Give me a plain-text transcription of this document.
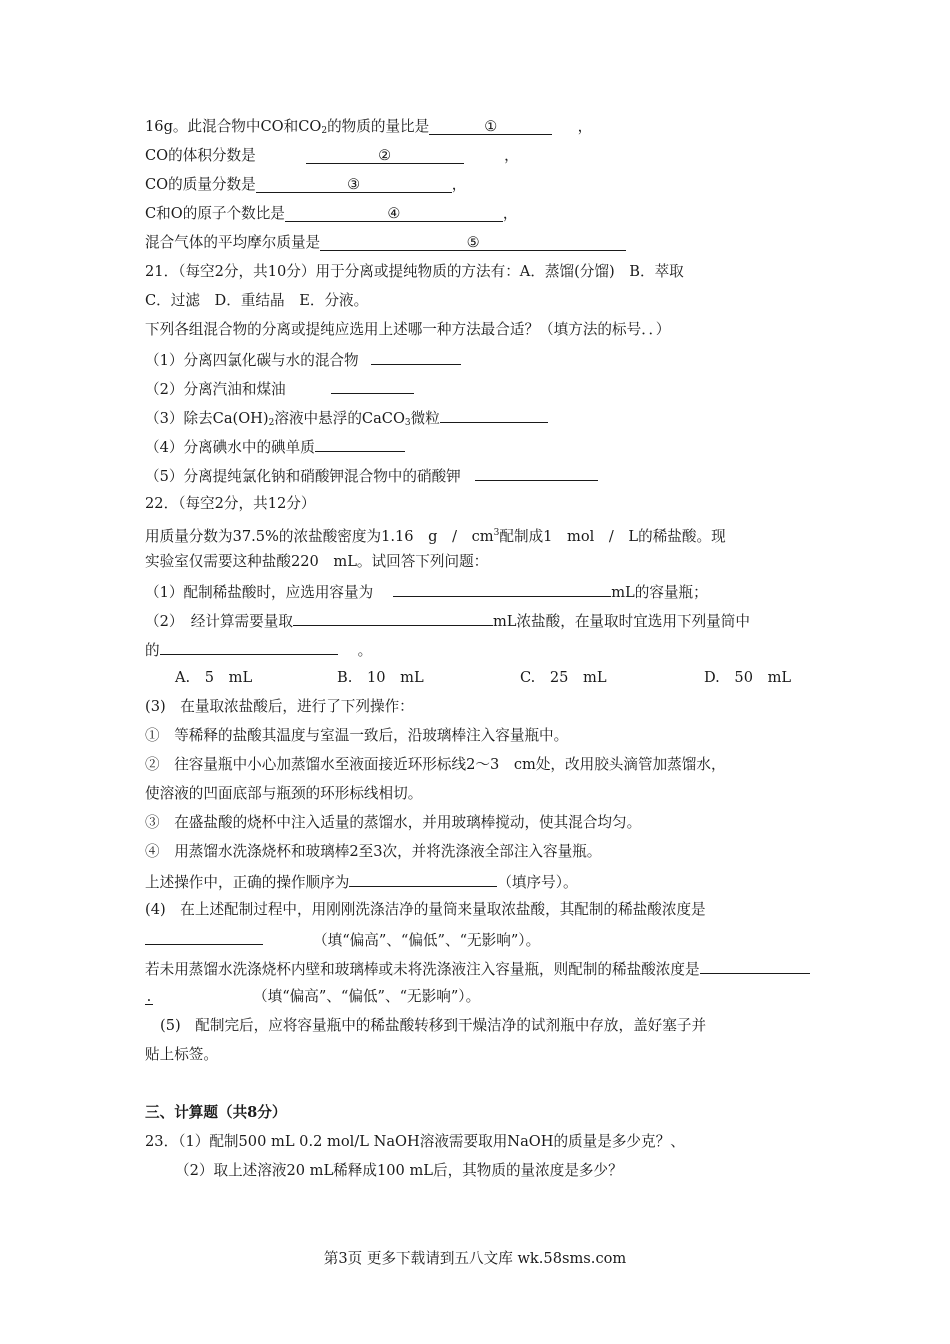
16g。此混合物中CO和$CO_2$的物质的量比是	①	，
CO的体积分数是	②	，
CO的质量分数是	③	，
C和O的原子个数比是	④	，
混合气体的平均摩尔质量是	⑤
21．（每空2分，共10分）用于分离或提纯物质的方法有：A．蒸馏(分馏)　B．萃取
C．过滤　D．重结晶　E．分液。
下列各组混合物的分离或提纯应选用上述哪一种方法最合适？（填方法的标号．．）
（1）分离四氯化碳与水的混合物
（2）分离汽油和煤油
（3）除去$Ca(OH)_2$溶液中悬浮的CaCO$_3$微粒
（4）分离碘水中的碘单质
（5）分离提纯氯化钠和硝酸钾混合物中的硝酸钾
22．（每空2分，共12分）
用质量分数为37.5%的浓盐酸密度为1.16　g　/　$cm^3$配制成1　mol　/　L的稀盐酸。现
实验室仅需要这种盐酸220　mL。试回答下列问题：
（1）配制稀盐酸时，应选用容量为	mL的容量瓶；
（2）　经计算需要量取	mL浓盐酸，在量取时宜选用下列量筒中
的	。
A.　5　mL	B.　10　mL	C.　25　mL	D.　50　mL
(3)　在量取浓盐酸后，进行了下列操作：
①　等稀释的盐酸其温度与室温一致后，沿玻璃棒注入容量瓶中。
②　往容量瓶中小心加蒸馏水至液面接近环形标线2～3　cm处，改用胶头滴管加蒸馏水，
使溶液的凹面底部与瓶颈的环形标线相切。
③　在盛盐酸的烧杯中注入适量的蒸馏水，并用玻璃棒搅动，使其混合均匀。
④　用蒸馏水洗涤烧杯和玻璃棒2至3次，并将洗涤液全部注入容量瓶。
上述操作中，正确的操作顺序为	（填序号）。
(4)　在上述配制过程中，用刚刚洗涤洁净的量筒来量取浓盐酸，其配制的稀盐酸浓度是
（填“偏高”、“偏低”、“无影响”）。
若未用蒸馏水洗涤烧杯内壁和玻璃棒或未将洗涤液注入容量瓶，则配制的稀盐酸浓度是
.	（填“偏高”、“偏低”、“无影响”）。
(5)　配制完后，应将容量瓶中的稀盐酸转移到干燥洁净的试剂瓶中存放，盖好塞子并
贴上标签。
三、计算题（共8分）
23．（1）配制500 mL 0.2 mol/L NaOH溶液需要取用NaOH的质量是多少克？、
（2）取上述溶液20 mL稀释成100 mL后，其物质的量浓度是多少？
第3页 更多下载请到五八文库 wk.58sms.com
